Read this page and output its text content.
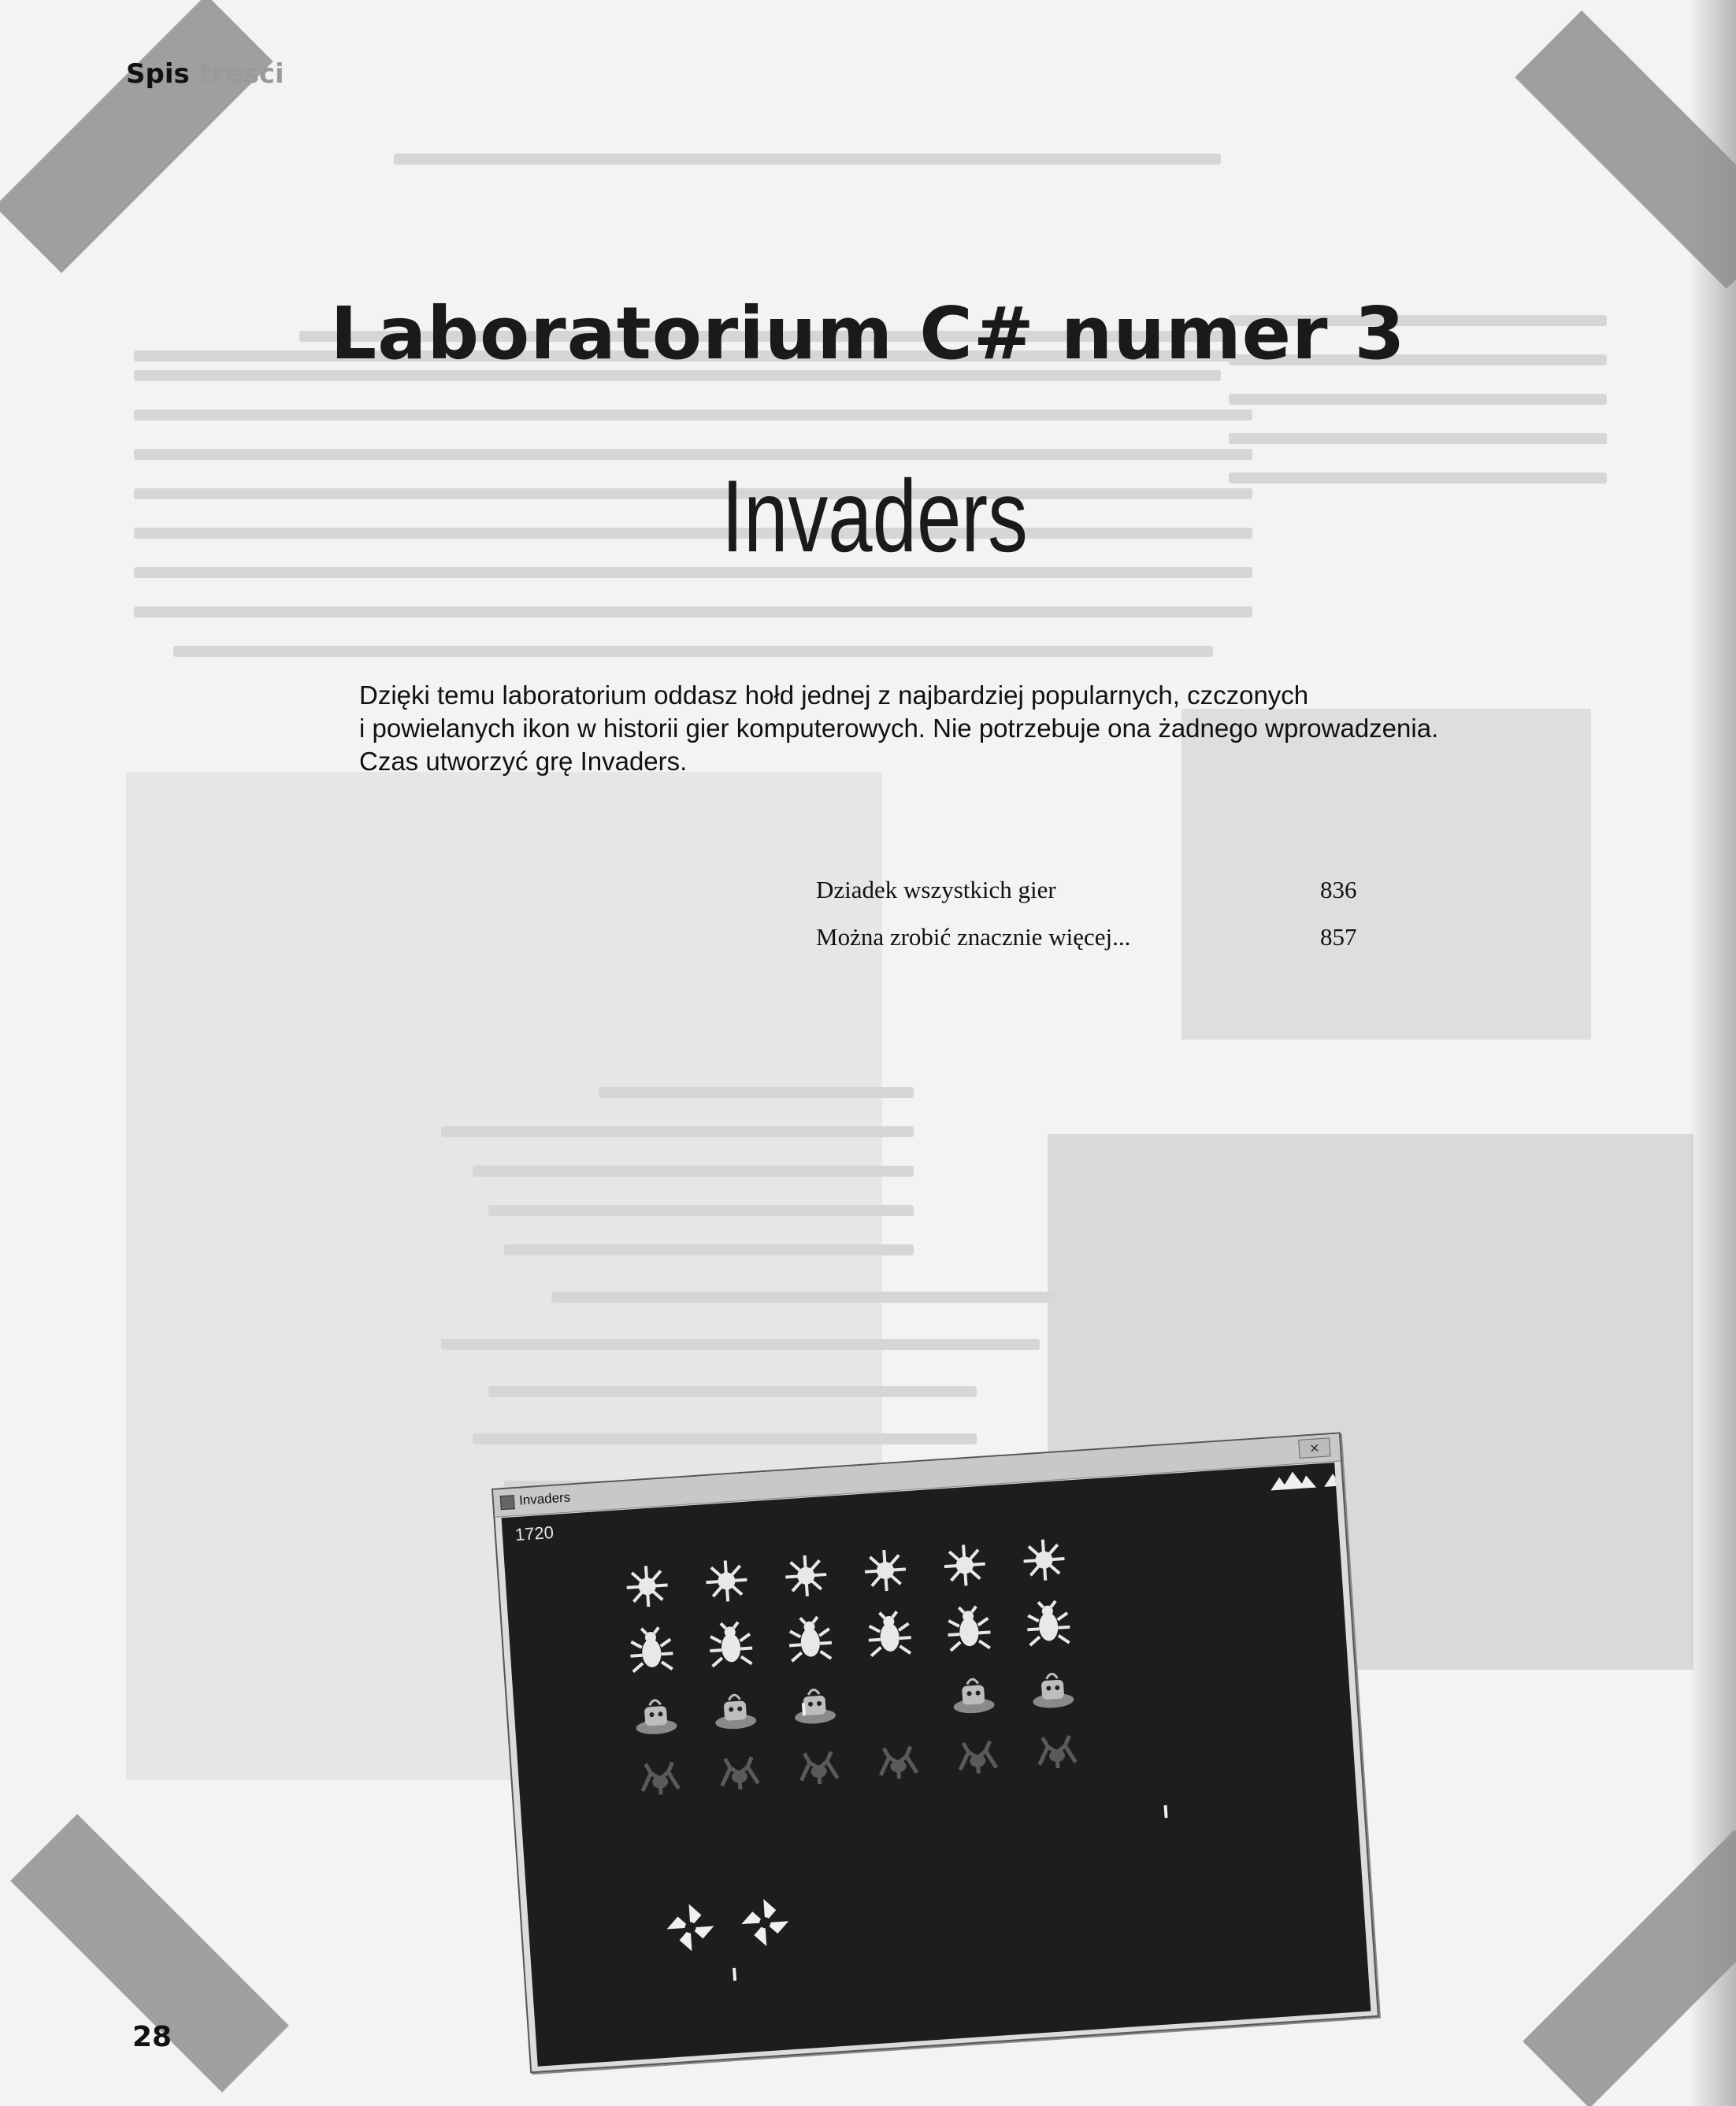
Spis treści
Laboratorium C# numer 3
Invaders
Dzięki temu laboratorium oddasz hołd jednej z najbardziej popularnych, czczonych
i powielanych ikon w historii gier komputerowych. Nie potrzebuje ona żadnego wprowadzenia.
Czas utworzyć grę Invaders.
Dziadek wszystkich gier	836
Można zrobić znacznie więcej...	857
Invaders
×
1720
28
